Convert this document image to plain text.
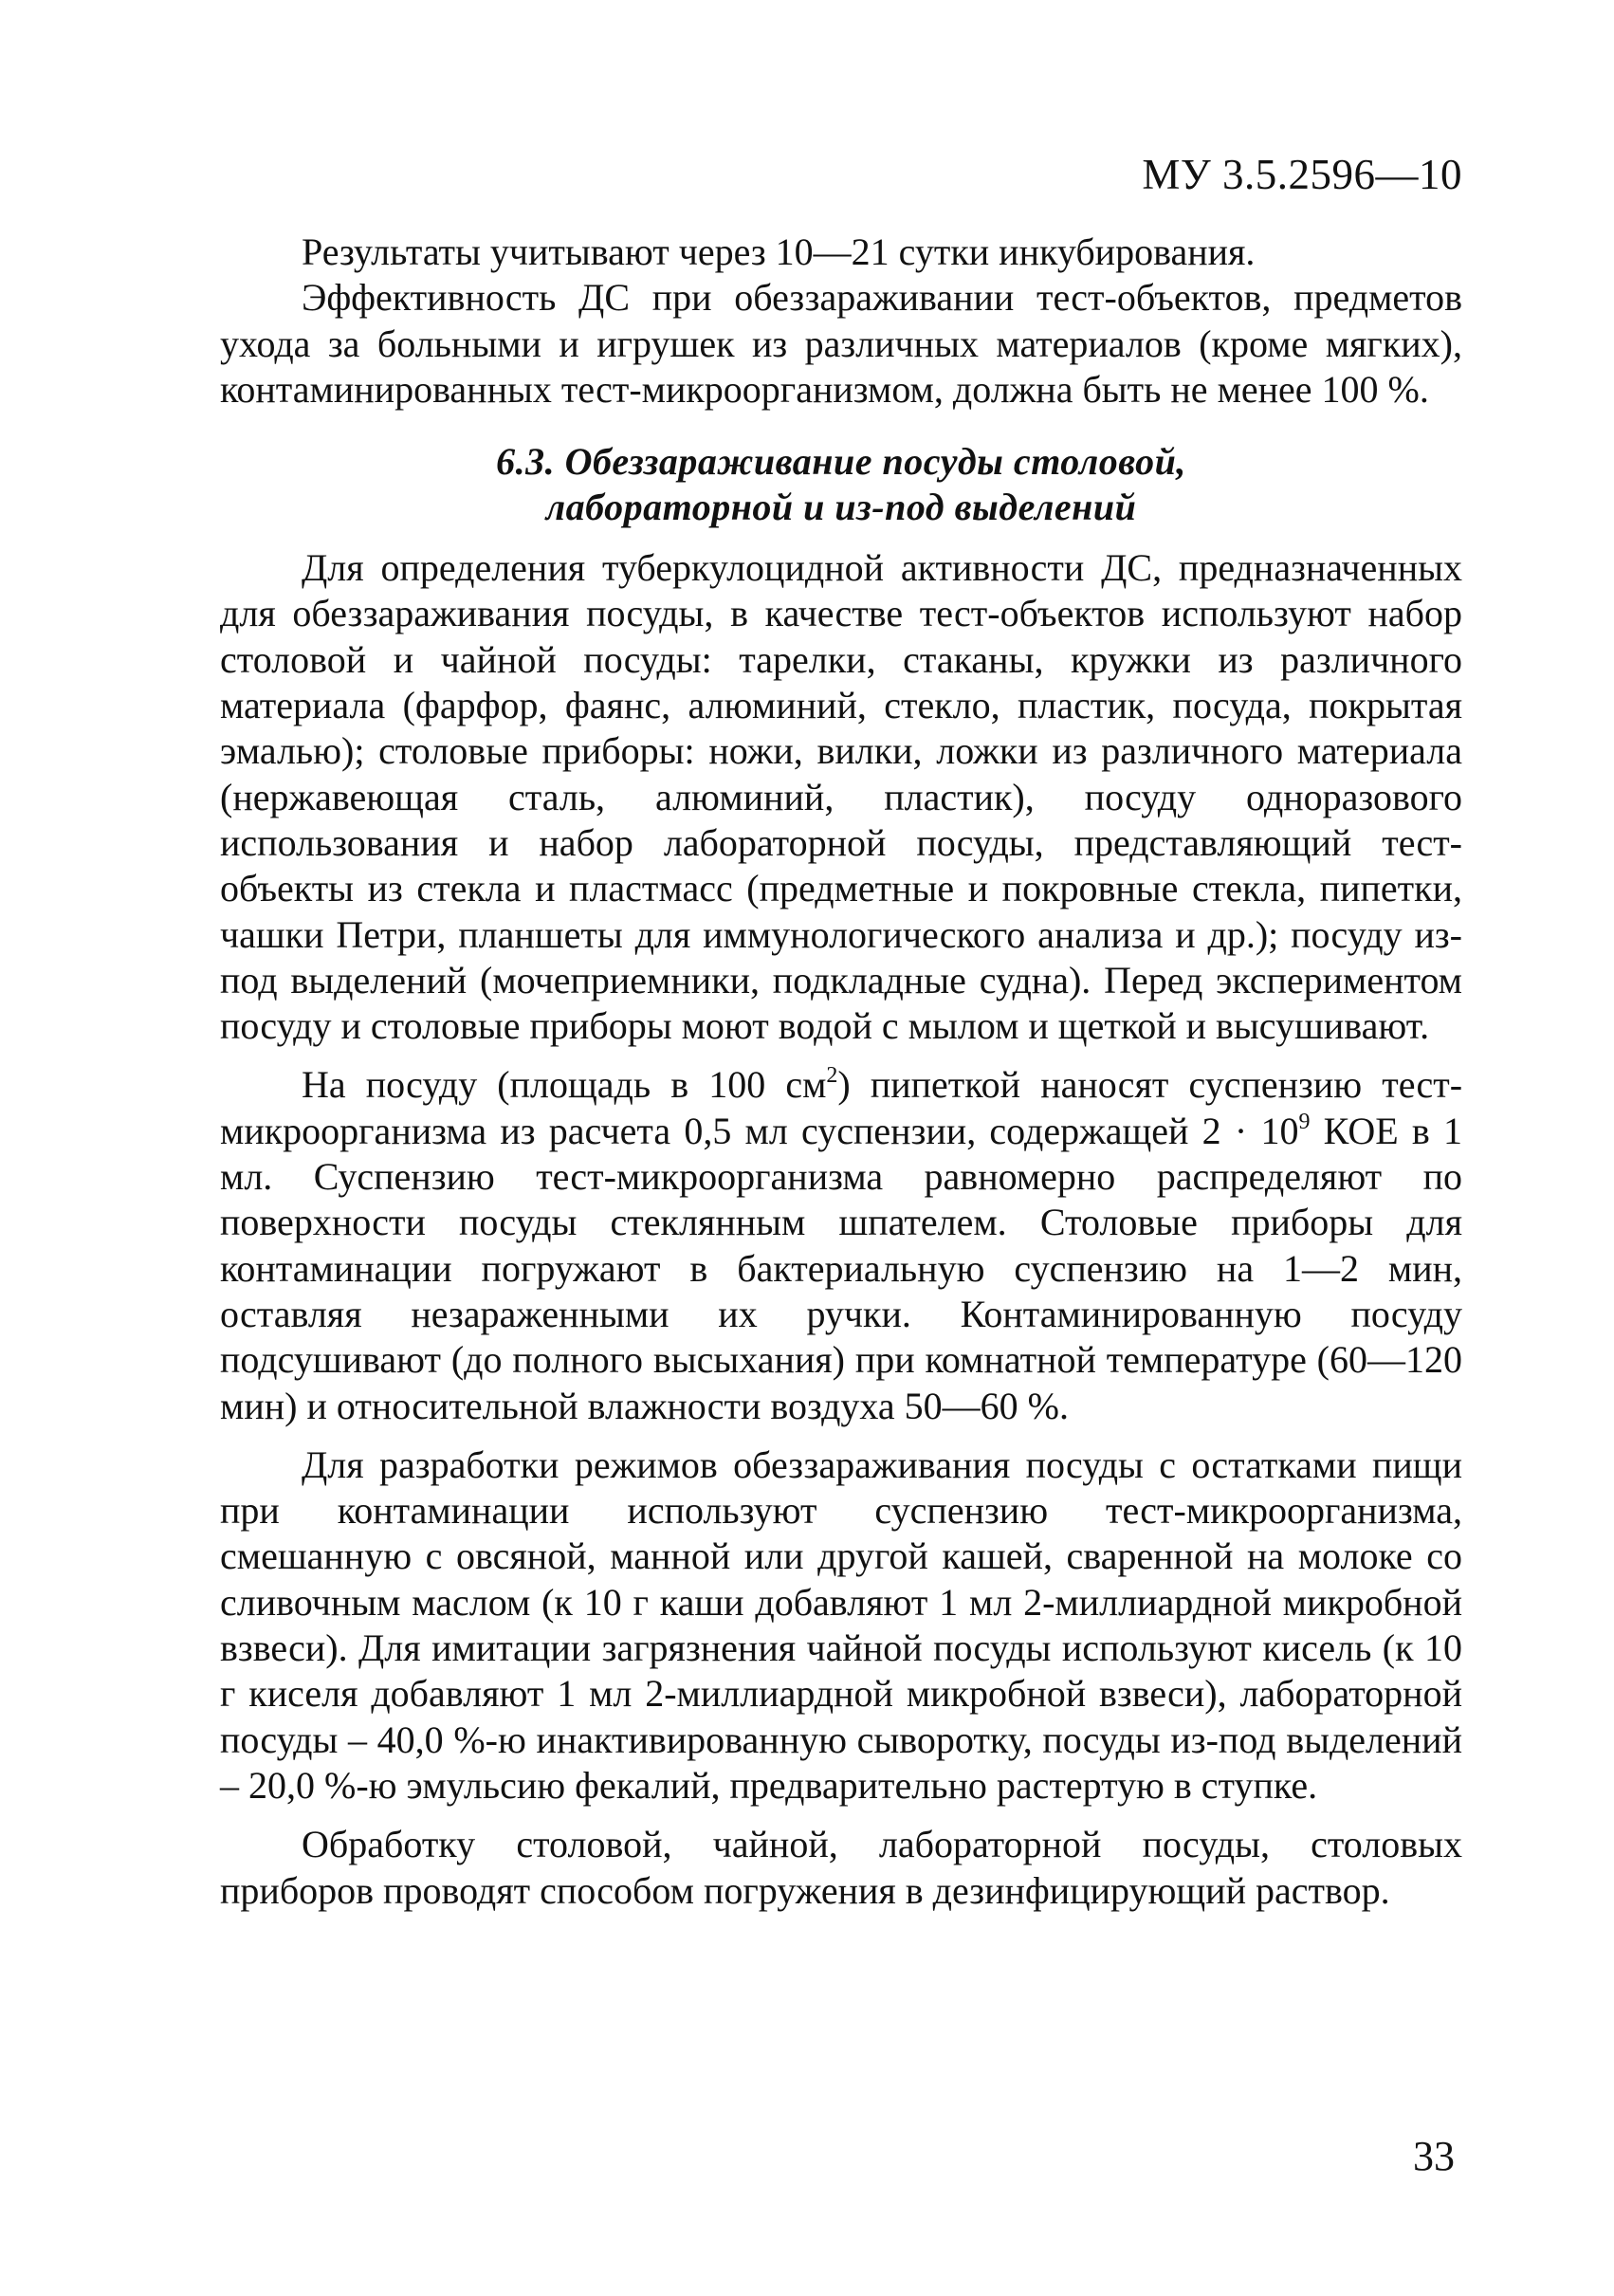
МУ 3.5.2596—10

Результаты учитывают через 10—21 сутки инкубирования.

Эффективность ДС при обеззараживании тест-объектов, предметов ухода за больными и игрушек из различных материалов (кроме мягких), контаминированных тест-микроорганизмом, должна быть не менее 100 %.

6.3. Обеззараживание посуды столовой,
лабораторной и из-под выделений

Для определения туберкулоцидной активности ДС, предназначенных для обеззараживания посуды, в качестве тест-объектов используют набор столовой и чайной посуды: тарелки, стаканы, кружки из различного материала (фарфор, фаянс, алюминий, стекло, пластик, посуда, покрытая эмалью); столовые приборы: ножи, вилки, ложки из различного материала (нержавеющая сталь, алюминий, пластик), посуду одноразового использования и набор лабораторной посуды, представляющий тест-объекты из стекла и пластмасс (предметные и покровные стекла, пипетки, чашки Петри, планшеты для иммунологического анализа и др.); посуду из-под выделений (мочеприемники, подкладные судна). Перед экспериментом посуду и столовые приборы моют водой с мылом и щеткой и высушивают.

На посуду (площадь в 100 $см^2$) пипеткой наносят суспензию тест-микроорганизма из расчета 0,5 мл суспензии, содержащей $2 \cdot 10^9$ КОЕ в 1 мл. Суспензию тест-микроорганизма равномерно распределяют по поверхности посуды стеклянным шпателем. Столовые приборы для контаминации погружают в бактериальную суспензию на 1—2 мин, оставляя незараженными их ручки. Контаминированную посуду подсушивают (до полного высыхания) при комнатной температуре (60—120 мин) и относительной влажности воздуха 50—60 %.

Для разработки режимов обеззараживания посуды с остатками пищи при контаминации используют суспензию тест-микроорганизма, смешанную с овсяной, манной или другой кашей, сваренной на молоке со сливочным маслом (к 10 г каши добавляют 1 мл 2-миллиардной микробной взвеси). Для имитации загрязнения чайной посуды используют кисель (к 10 г киселя добавляют 1 мл 2-миллиардной микробной взвеси), лабораторной посуды – 40,0 %-ю инактивированную сыворотку, посуды из-под выделений – 20,0 %-ю эмульсию фекалий, предварительно растертую в ступке.

Обработку столовой, чайной, лабораторной посуды, столовых приборов проводят способом погружения в дезинфицирующий раствор.

33
